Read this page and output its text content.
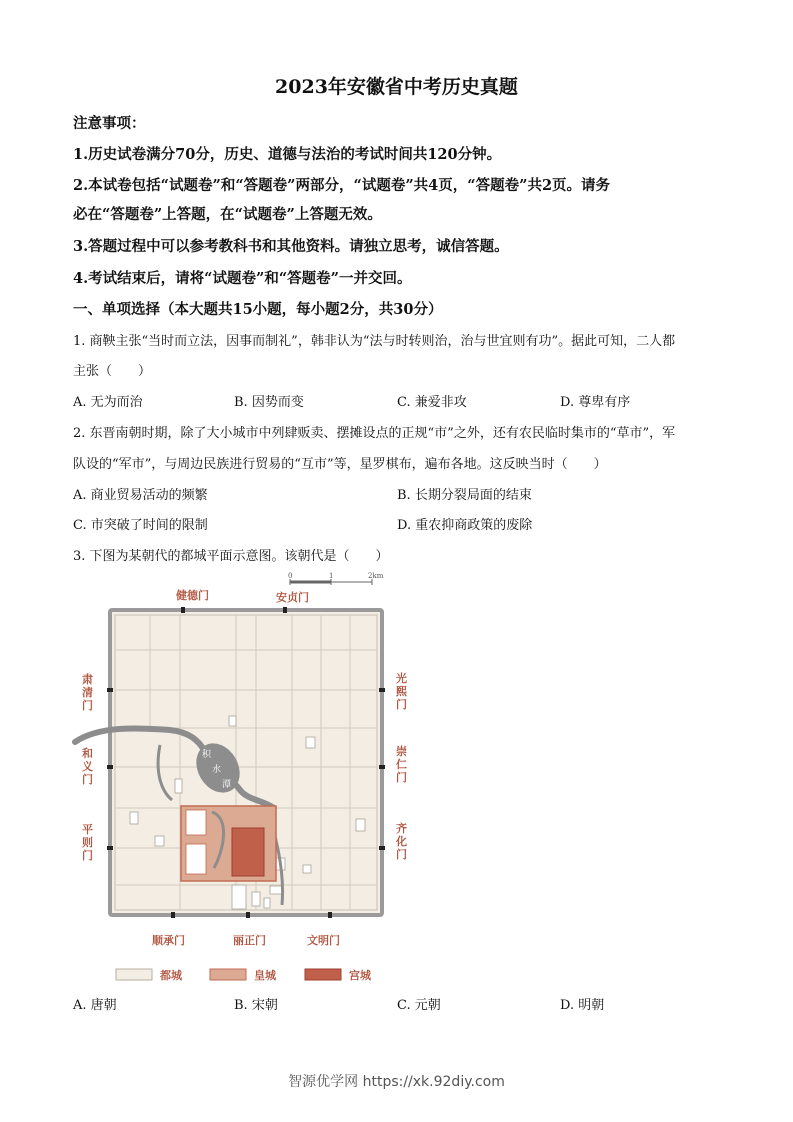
2023年安徽省中考历史真题
注意事项：
1.历史试卷满分70分，历史、道德与法治的考试时间共120分钟。
2.本试卷包括“试题卷”和“答题卷”两部分，“试题卷”共4页，“答题卷”共2页。请务
必在“答题卷”上答题，在“试题卷”上答题无效。
3.答题过程中可以参考教科书和其他资料。请独立思考，诚信答题。
4.考试结束后，请将“试题卷”和“答题卷”一并交回。
一、单项选择（本大题共15小题，每小题2分，共30分）
1. 商鞅主张“当时而立法，因事而制礼”，韩非认为“法与时转则治，治与世宜则有功”。据此可知，二人都
主张（　　）
A. 无为而治	B. 因势而变	C. 兼爱非攻	D. 尊卑有序
2. 东晋南朝时期，除了大小城市中列肆贩卖、摆摊设点的正规“市”之外，还有农民临时集市的“草市”，军
队设的“军市”，与周边民族进行贸易的“互市”等，星罗棋布，遍布各地。这反映当时（　　）
A. 商业贸易活动的频繁	B. 长期分裂局面的结束
C. 市突破了时间的限制	D. 重农抑商政策的废除
3. 下图为某朝代的都城平面示意图。该朝代是（　　）
0	1	2km
积
水
潭
健德门	安贞门
顺承门	丽正门	文明门
肃
清
门
和
义
门
平
则
门
光
熙
门
崇
仁
门
齐
化
门
都城	皇城	宫城
A. 唐朝	B. 宋朝	C. 元朝	D. 明朝
智源优学网 https://xk.92diy.com
